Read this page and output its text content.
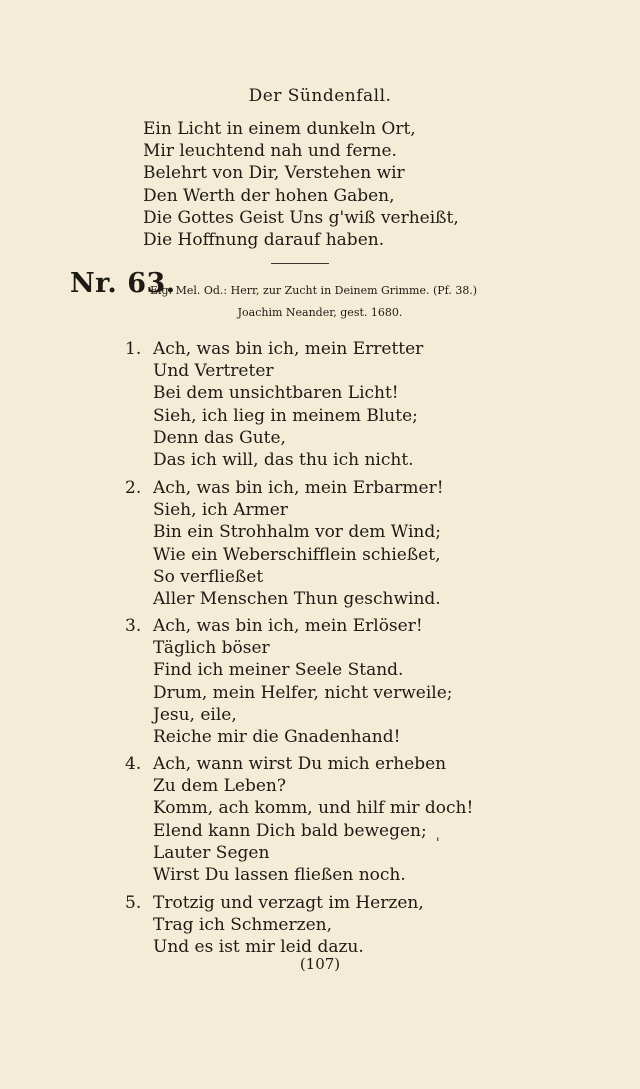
Der Sündenfall.
Ein Licht in einem dunkeln Ort,
Mir leuchtend nah und ferne.
Belehrt von Dir, Verstehen wir
Den Werth der hohen Gaben,
Die Gottes Geist Uns g'wiß verheißt,
Die Hoffnung darauf haben.
Nr. 63.
Eig. Mel. Od.: Herr, zur Zucht in Deinem Grimme. (Pf. 38.)
Joachim Neander, gest. 1680.
1. Ach, was bin ich, mein Erretter
Und Vertreter
Bei dem unsichtbaren Licht!
Sieh, ich lieg in meinem Blute;
Denn das Gute,
Das ich will, das thu ich nicht.
2. Ach, was bin ich, mein Erbarmer!
Sieh, ich Armer
Bin ein Strohhalm vor dem Wind;
Wie ein Weberschifflein schießet,
So verfließet
Aller Menschen Thun geschwind.
3. Ach, was bin ich, mein Erlöser!
Täglich böser
Find ich meiner Seele Stand.
Drum, mein Helfer, nicht verweile;
Jesu, eile,
Reiche mir die Gnadenhand!
4. Ach, wann wirst Du mich erheben
Zu dem Leben?
Komm, ach komm, und hilf mir doch!
Elend kann Dich bald bewegen;
Lauter Segen
Wirst Du lassen fließen noch.
'
5. Trotzig und verzagt im Herzen,
Trag ich Schmerzen,
Und es ist mir leid dazu.
(107)
